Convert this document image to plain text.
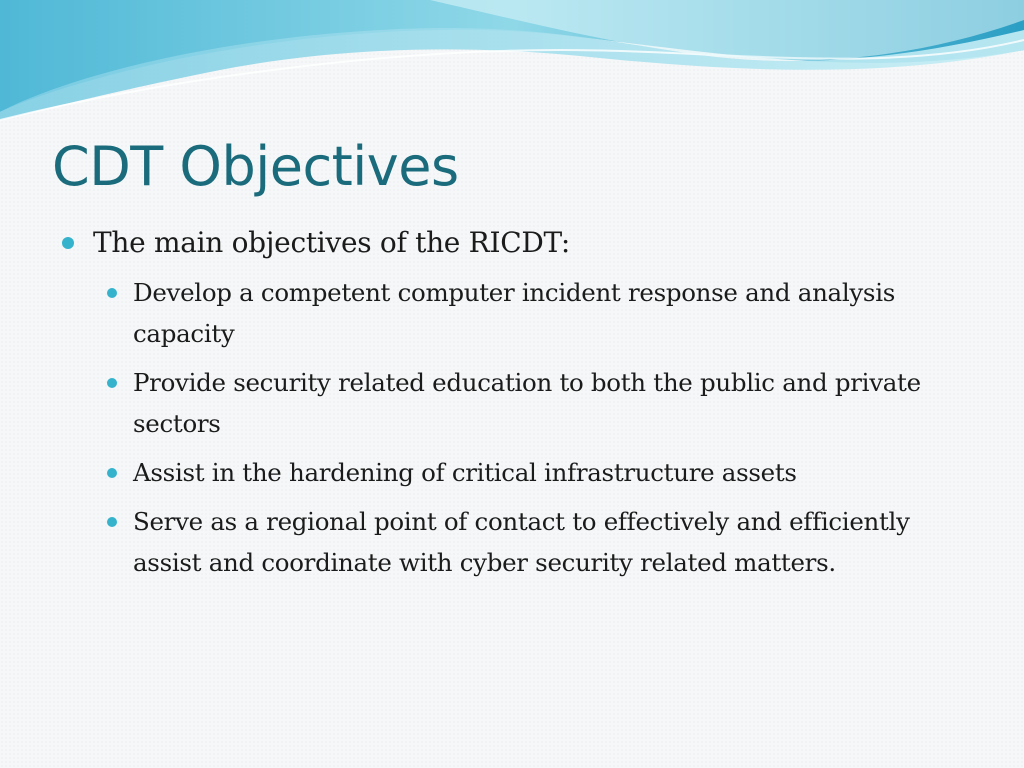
CDT Objectives
The main objectives of the RICDT:
Develop a competent computer incident response and analysis capacity
Provide security related education to both the public and private sectors
Assist in the hardening of critical infrastructure assets
Serve as a regional point of contact to effectively and efficiently assist and coordinate with cyber security related matters.
